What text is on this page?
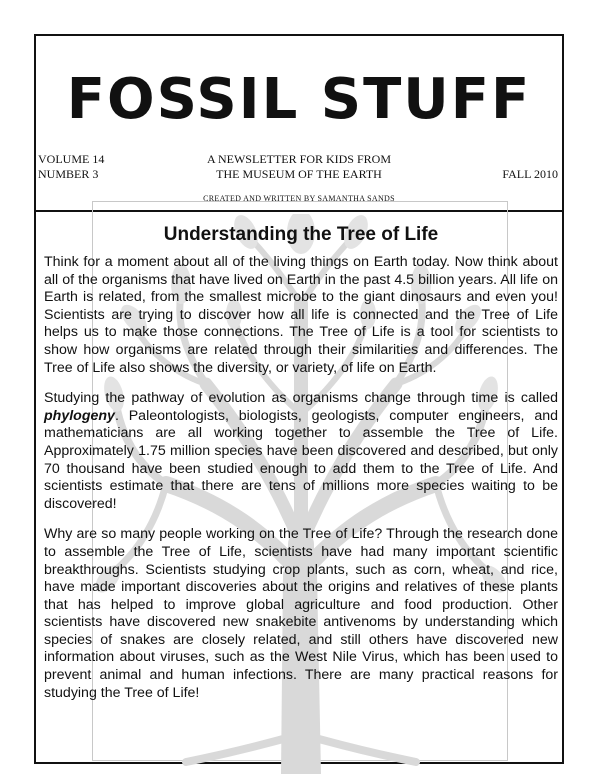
FOSSIL STUFF
VOLUME 14
NUMBER 3
A NEWSLETTER FOR KIDS FROM
THE MUSEUM OF THE EARTH	FALL 2010
CREATED AND WRITTEN BY SAMANTHA SANDS
Understanding the Tree of Life

Think for a moment about all of the living things on Earth today. Now think about all of the organisms that have lived on Earth in the past 4.5 billion years. All life on Earth is related, from the smallest microbe to the giant dinosaurs and even you! Scientists are trying to discover how all life is connected and the Tree of Life helps us to make those connections. The Tree of Life is a tool for scientists to show how organisms are related through their similarities and differences. The Tree of Life also shows the diversity, or variety, of life on Earth.

Studying the pathway of evolution as organisms change through time is called phylogeny. Paleontologists, biologists, geologists, computer engineers, and mathematicians are all working together to assemble the Tree of Life. Approximately 1.75 million species have been discovered and described, but only 70 thousand have been studied enough to add them to the Tree of Life. And scientists estimate that there are tens of millions more species waiting to be discovered!

Why are so many people working on the Tree of Life? Through the research done to assemble the Tree of Life, scientists have had many important scientific breakthroughs. Scientists studying crop plants, such as corn, wheat, and rice, have made important discoveries about the origins and relatives of these plants that has helped to improve global agriculture and food production. Other scientists have discovered new snakebite antivenoms by understanding which species of snakes are closely related, and still others have discovered new information about viruses, such as the West Nile Virus, which has been used to prevent animal and human infections. There are many practical reasons for studying the Tree of Life!
